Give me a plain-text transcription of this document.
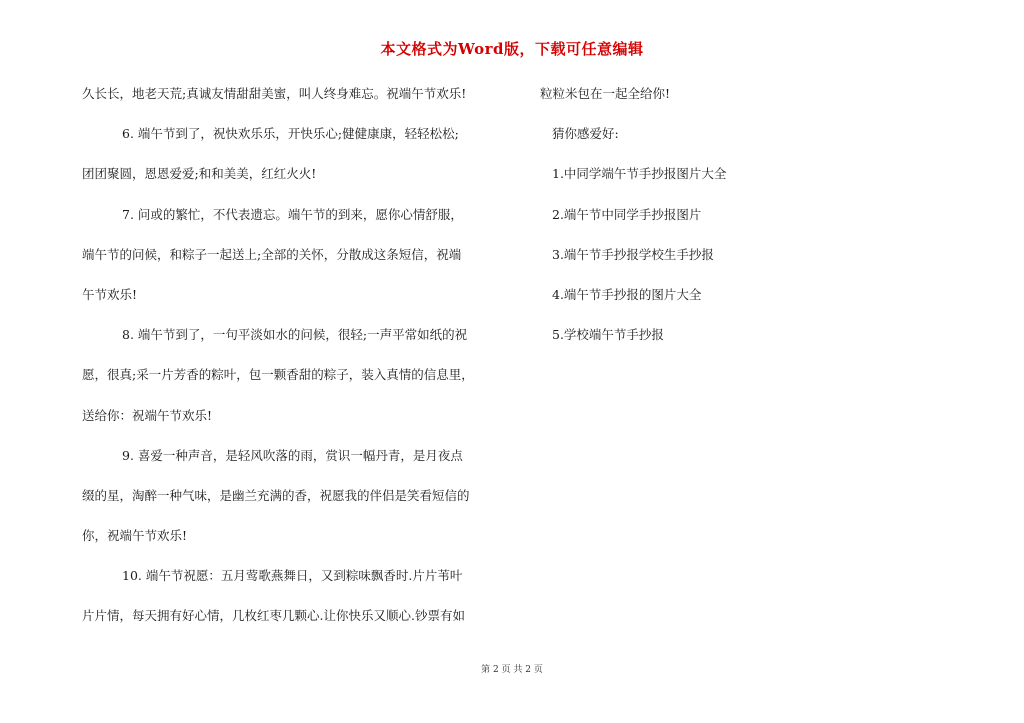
本文格式为Word版，下载可任意编辑
久长长，地老天荒;真诚友情甜甜美蜜，叫人终身难忘。祝端午节欢乐!
6. 端午节到了，祝快欢乐乐，开快乐心;健健康康，轻轻松松;
团团聚圆，恩恩爱爱;和和美美，红红火火!
7. 问或的繁忙，不代表遗忘。端午节的到来，愿你心情舒服，
端午节的问候，和粽子一起送上;全部的关怀，分散成这条短信，祝端
午节欢乐!
8. 端午节到了，一句平淡如水的问候，很轻;一声平常如纸的祝
愿，很真;采一片芳香的粽叶，包一颗香甜的粽子，装入真情的信息里，
送给你：祝端午节欢乐!
9. 喜爱一种声音，是轻风吹落的雨，赏识一幅丹青，是月夜点
缀的星，淘醉一种气味，是幽兰充满的香，祝愿我的伴侣是笑看短信的
你，祝端午节欢乐!
10. 端午节祝愿：五月莺歌燕舞日，又到粽味飘香时.片片苇叶
片片情，每天拥有好心情，几枚红枣几颗心.让你快乐又顺心.钞票有如
粒粒米包在一起全给你!
猜你感爱好:
1.中同学端午节手抄报图片大全
2.端午节中同学手抄报图片
3.端午节手抄报学校生手抄报
4.端午节手抄报的图片大全
5.学校端午节手抄报
第 2 页 共 2 页
